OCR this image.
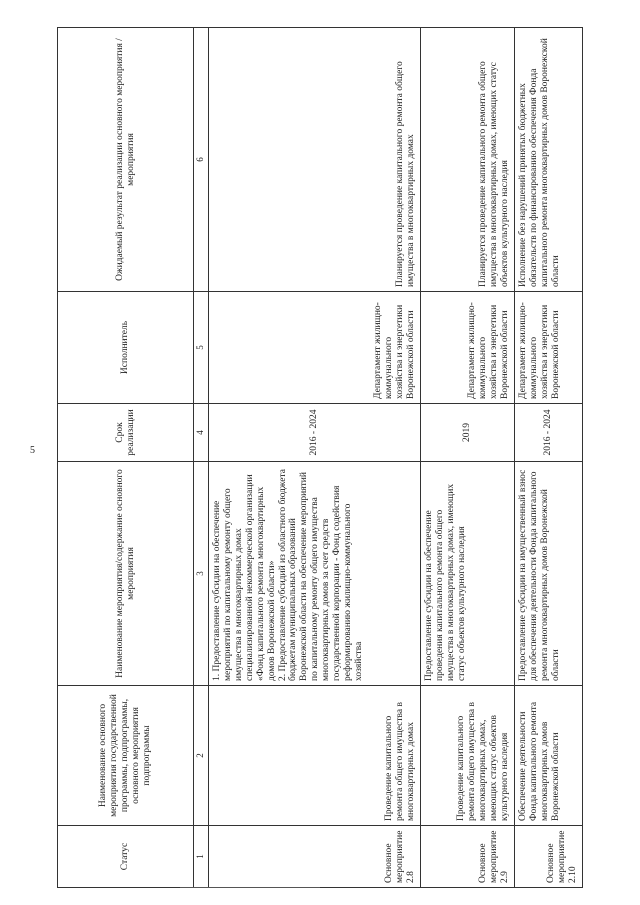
5
Статус	Наименование основного мероприятия государственной программы, подпрограммы, основного мероприятия подпрограммы	Наименование мероприятия/содержание основного мероприятия	Срок реализации	Исполнитель	Ожидаемый результат реализации основного мероприятия /мероприятия
1	2	3	4	5	6
Основное мероприятие 2.8	Проведение капитального ремонта общего имущества в многоквартирных домах	1. Предоставление субсидии на обеспечение мероприятий по капитальному ремонту общего имущества в многоквартирных домах специализированной некоммерческой организации «Фонд капитального ремонта многоквартирных домов Воронежской области»
2. Предоставление субсидий из областного бюджета бюджетам муниципальных образований Воронежской области на обеспечение мероприятий по капитальному ремонту общего имущества многоквартирных домов за счет средств государственной корпорации - Фонд содействия реформированию жилищно-коммунального хозяйства	2016 - 2024	Департамент жилищно-коммунального хозяйства и энергетики Воронежской области	Планируется проведение капитального ремонта общего имущества в многоквартирных домах
Основное мероприятие 2.9	Проведение капитального ремонта общего имущества в многоквартирных домах, имеющих статус объектов культурного наследия	Предоставление субсидии на обеспечение проведения капитального ремонта общего имущества в многоквартирных домах, имеющих статус объектов культурного наследия	2019	Департамент жилищно-коммунального хозяйства и энергетики Воронежской области	Планируется проведение капитального ремонта общего имущества в многоквартирных домах, имеющих статус объектов культурного наследия
Основное мероприятие 2.10	Обеспечение деятельности Фонда капитального ремонта многоквартирных домов Воронежской области	Предоставление субсидии на имущественный взнос для обеспечения деятельности Фонда капитального ремонта многоквартирных домов Воронежской области	2016 - 2024	Департамент жилищно-коммунального хозяйства и энергетики Воронежской области	Исполнение без нарушений принятых бюджетных обязательств по финансированию обеспечения Фонда капитального ремонта многоквартирных домов Воронежской области
